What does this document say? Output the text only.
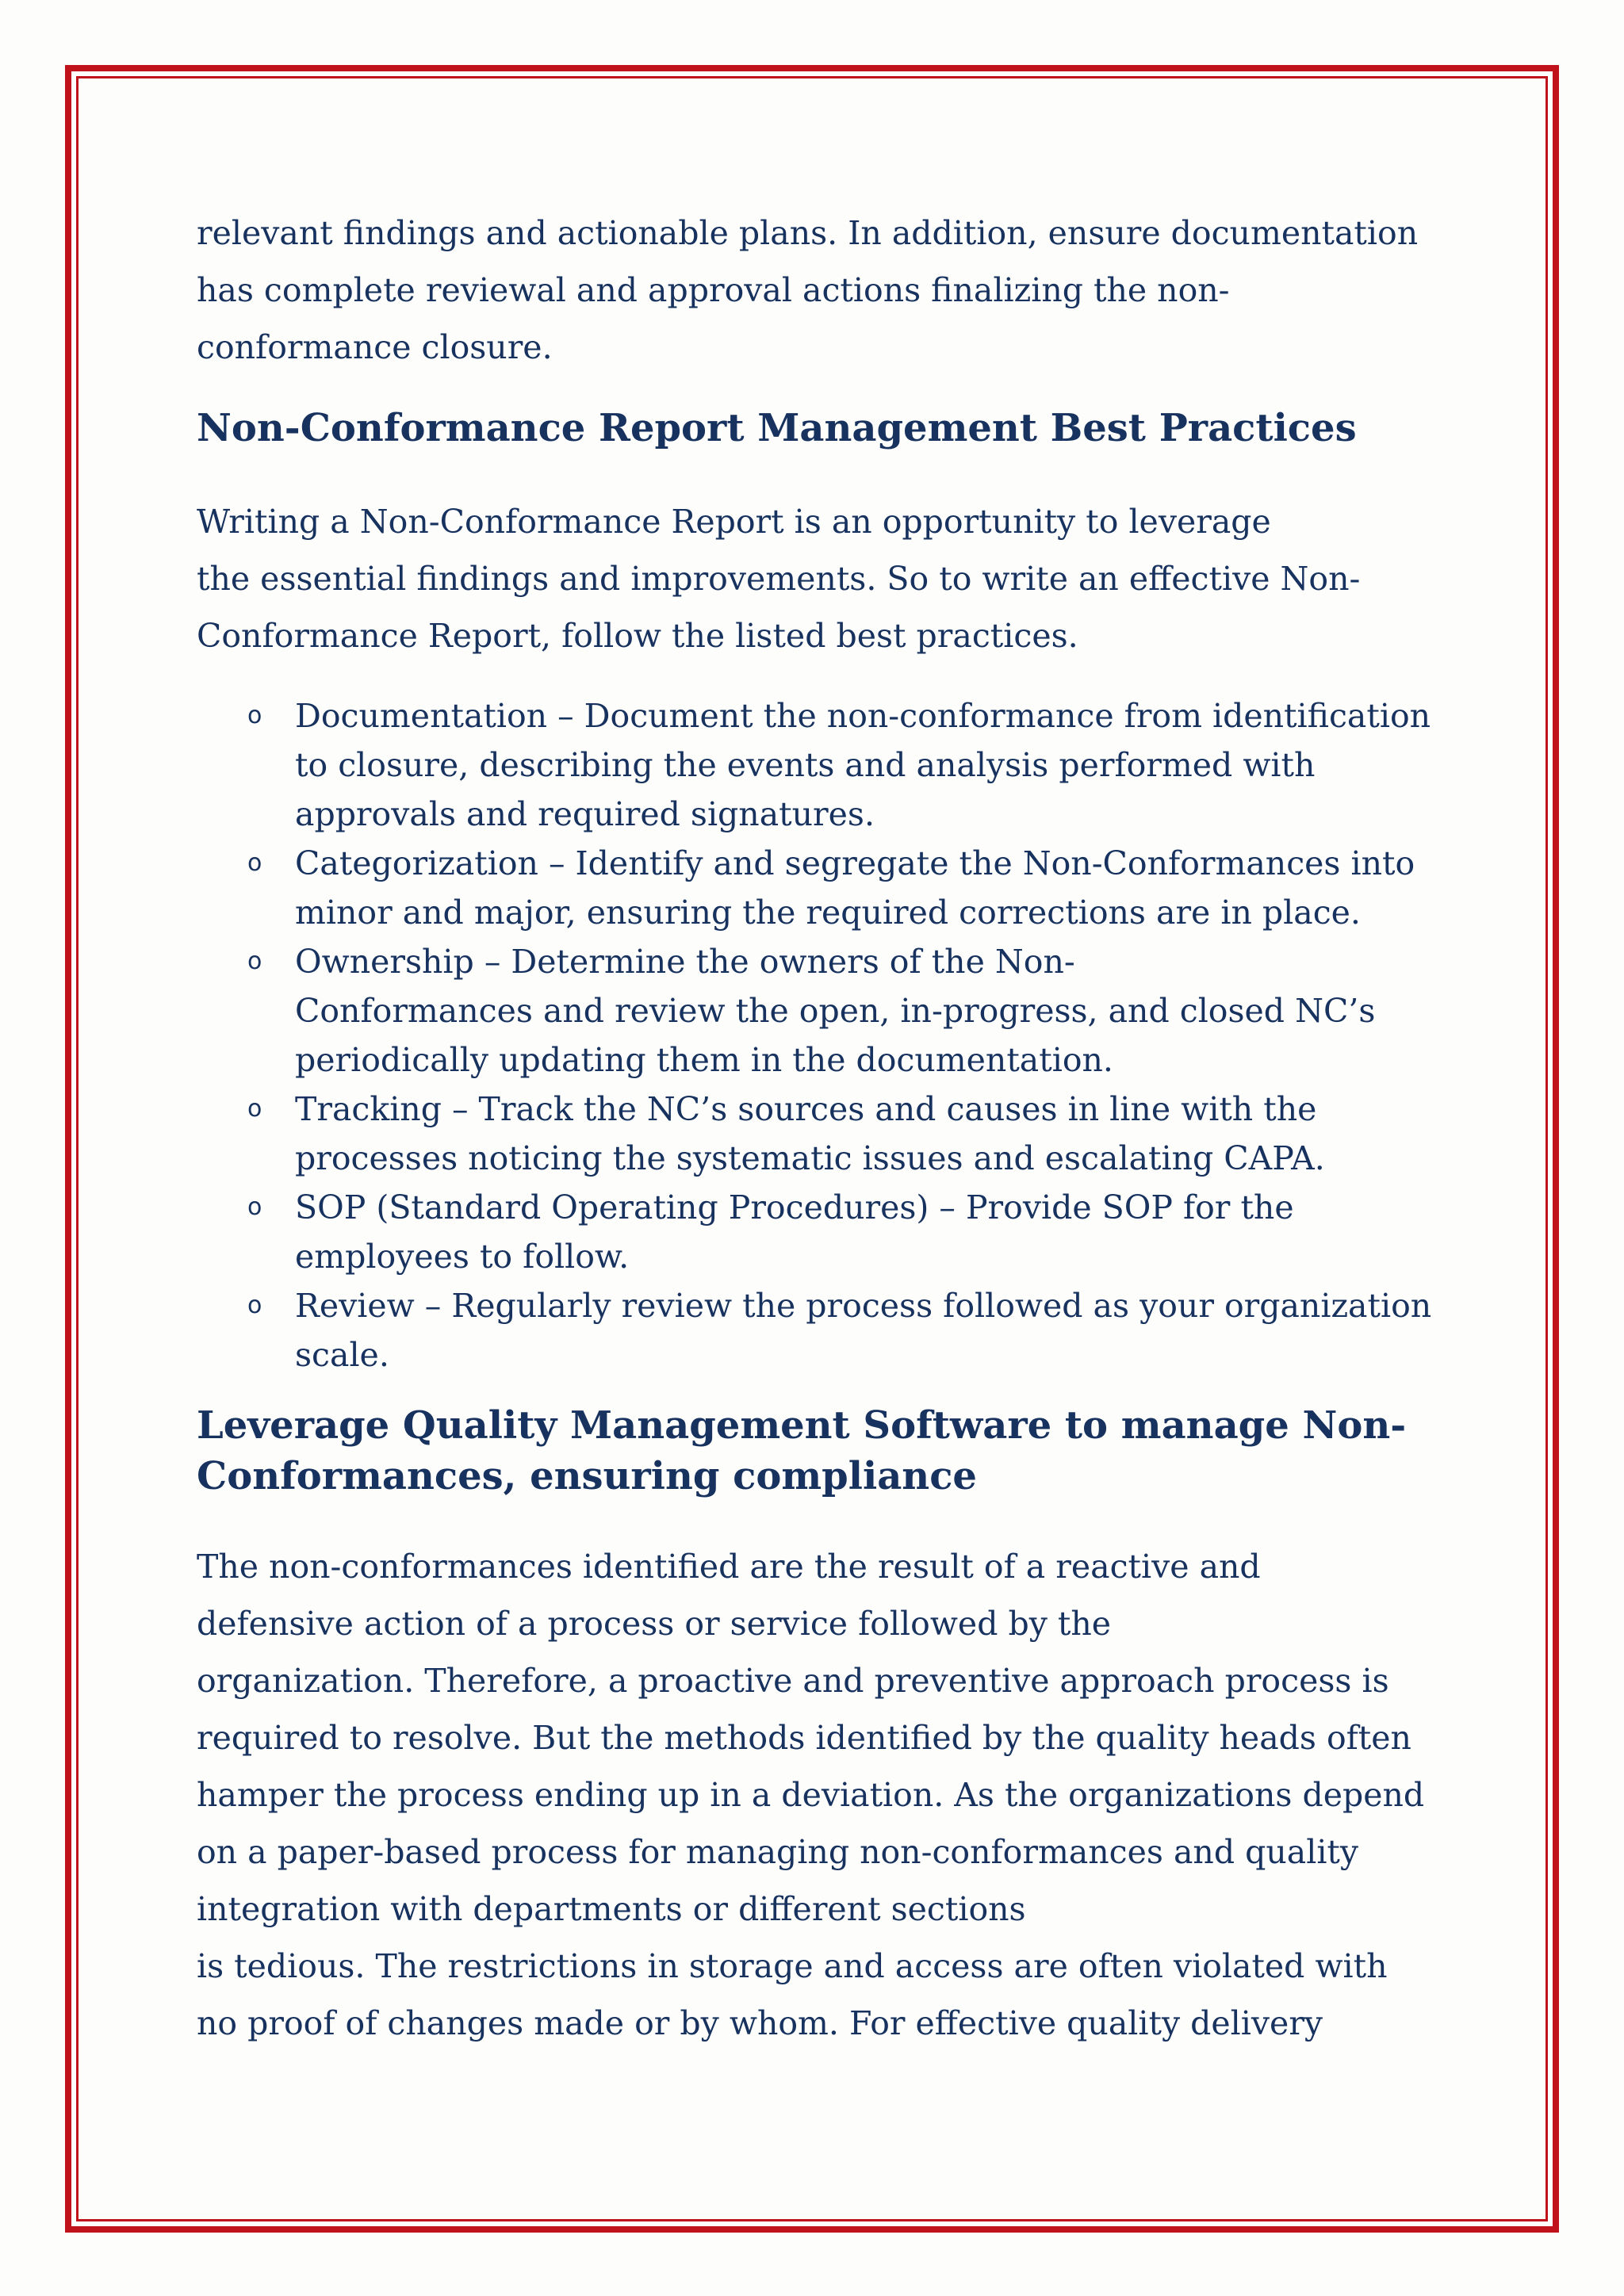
relevant findings and actionable plans. In addition, ensure documentation
has complete reviewal and approval actions finalizing the non-
conformance closure.

Non-Conformance Report Management Best Practices

Writing a Non-Conformance Report is an opportunity to leverage
the essential findings and improvements. So to write an effective Non-
Conformance Report, follow the listed best practices.

o Documentation – Document the non-conformance from identification
to closure, describing the events and analysis performed with
approvals and required signatures.
o Categorization – Identify and segregate the Non-Conformances into
minor and major, ensuring the required corrections are in place.
o Ownership – Determine the owners of the Non-
Conformances and review the open, in-progress, and closed NC’s
periodically updating them in the documentation.
o Tracking – Track the NC’s sources and causes in line with the
processes noticing the systematic issues and escalating CAPA.
o SOP (Standard Operating Procedures) – Provide SOP for the
employees to follow.
o Review – Regularly review the process followed as your organization
scale.
Leverage Quality Management Software to manage Non-
Conformances, ensuring compliance

The non-conformances identified are the result of a reactive and
defensive action of a process or service followed by the
organization. Therefore, a proactive and preventive approach process is
required to resolve. But the methods identified by the quality heads often
hamper the process ending up in a deviation. As the organizations depend
on a paper-based process for managing non-conformances and quality
integration with departments or different sections
is tedious. The restrictions in storage and access are often violated with
no proof of changes made or by whom. For effective quality delivery
